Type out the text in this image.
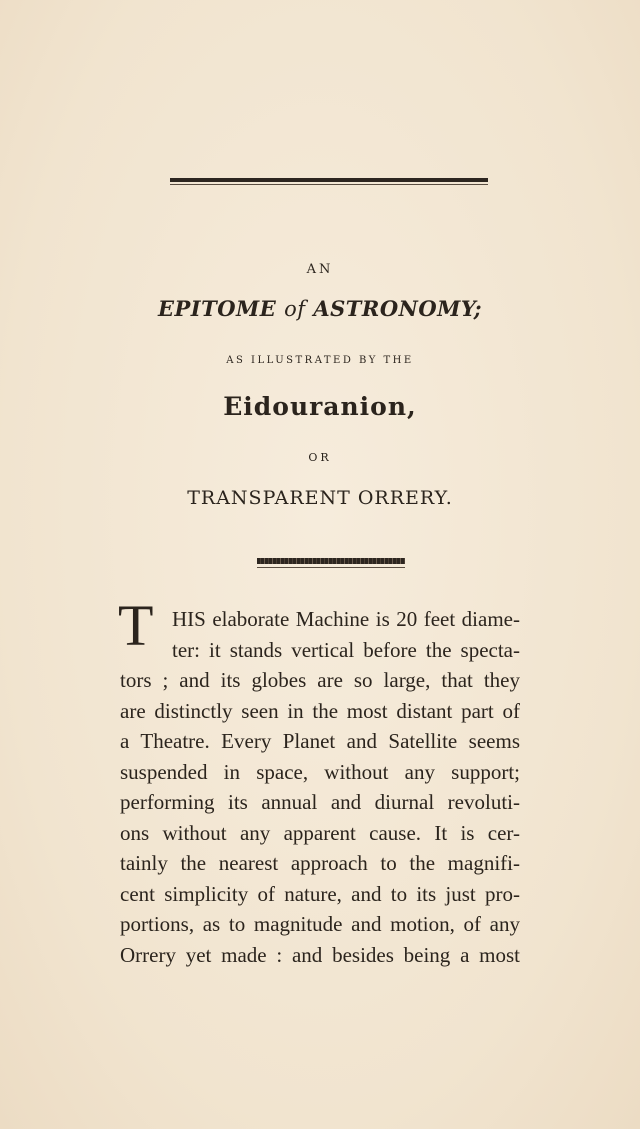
AN
EPITOME of ASTRONOMY;
AS ILLUSTRATED BY THE
Eidouranion,
OR
TRANSPARENT ORRERY.
T HIS elaborate Machine is 20 feet diame-
ter: it stands vertical before the specta-
tors ; and its globes are so large, that they
are distinctly seen in the most distant part of
a Theatre. Every Planet and Satellite seems
suspended in space, without any support;
performing its annual and diurnal revoluti-
ons without any apparent cause. It is cer-
tainly the nearest approach to the magnifi-
cent simplicity of nature, and to its just pro-
portions, as to magnitude and motion, of any
Orrery yet made : and besides being a most
